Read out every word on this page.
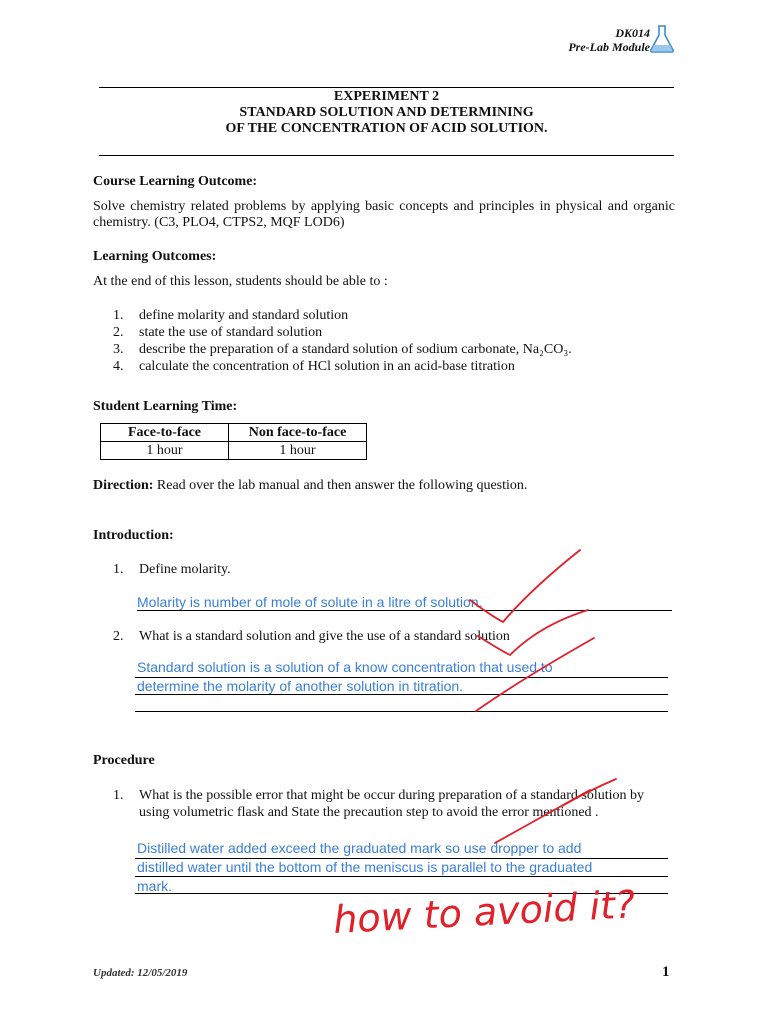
DK014
Pre-Lab Module
EXPERIMENT 2
STANDARD SOLUTION AND DETERMINING
OF THE CONCENTRATION OF ACID SOLUTION.
Course Learning Outcome:
Solve chemistry related problems by applying basic concepts and principles in physical and organic chemistry. (C3, PLO4, CTPS2, MQF LOD6)
Learning Outcomes:
At the end of this lesson, students should be able to :
1. define molarity and standard solution
2. state the use of standard solution
3. describe the preparation of a standard solution of sodium carbonate, Na₂CO₃.
4. calculate the concentration of HCl solution in an acid-base titration
Student Learning Time:
Face-to-face	Non face-to-face
1 hour	1 hour
Direction: Read over the lab manual and then answer the following question.
Introduction:
1. Define molarity.
Molarity is number of mole of solute in a litre of solution.
2. What is a standard solution and give the use of a standard solution
Standard solution is a solution of a know concentration that used to
determine the molarity of another solution in titration.
Procedure
1. What is the possible error that might be occur during preparation of a standard solution by using volumetric flask and State the precaution step to avoid the error mentioned .
Distilled water added exceed the graduated mark so use dropper to add
distilled water until the bottom of the meniscus is parallel to the graduated
mark.	how to avoid it?
Updated: 12/05/2019	1
